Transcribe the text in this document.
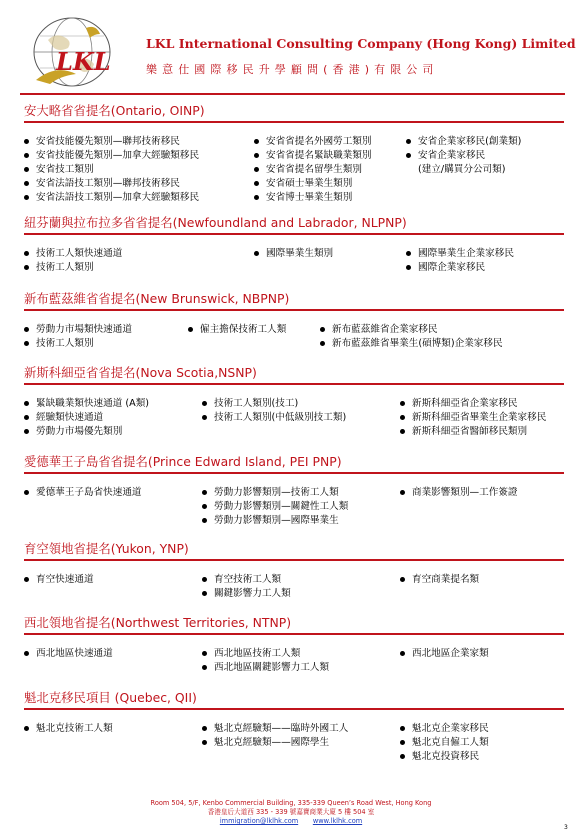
LKL
LKL International Consulting Company (Hong Kong) Limited
樂意仕國際移民升學顧問(香港)有限公司
安大略省省提名(Ontario, OINP)
安省技能優先類別—聯邦技術移民
安省技能優先類別—加拿大經驗類移民
安省技工類別
安省法語技工類別—聯邦技術移民
安省法語技工類別—加拿大經驗類移民
安省省提名外國勞工類別
安省省提名緊缺職業類別
安省省提名留學生類別
安省碩士畢業生類別
安省博士畢業生類別
安省企業家移民(創業類)
安省企業家移民
(建立/購買分公司類)
紐芬蘭與拉布拉多省省提名(Newfoundland and Labrador, NLPNP)
技術工人類快速通道
技術工人類別
國際畢業生類別	國際畢業生企業家移民
國際企業家移民
新布藍茲維省省提名(New Brunswick, NBPNP)
勞動力市場類快速通道
技術工人類別
僱主擔保技術工人類	新布藍茲維省企業家移民
新布藍茲維省畢業生(碩博類)企業家移民
新斯科細亞省省提名(Nova Scotia,NSNP)
緊缺職業類快速通道 (A類)
經驗類快速通道
勞動力市場優先類別
技術工人類別(技工)
技術工人類別(中低級別技工類)
新斯科細亞省企業家移民
新斯科細亞省畢業生企業家移民
新斯科細亞省醫師移民類別
愛德華王子島省省提名(Prince Edward Island, PEI PNP)
愛德華王子島省快速通道	勞動力影響類別—技術工人類
勞動力影響類別—關鍵性工人類
勞動力影響類別—國際畢業生
商業影響類別—工作簽證
育空領地省提名(Yukon, YNP)
育空快速通道	育空技術工人類
關鍵影響力工人類
育空商業提名類
西北領地省提名(Northwest Territories, NTNP)
西北地區快速通道	西北地區技術工人類
西北地區關鍵影響力工人類
西北地區企業家類
魁北克移民項目 (Quebec, QII)
魁北克技術工人類	魁北克經驗類——臨時外國工人
魁北克經驗類——國際學生
魁北克企業家移民
魁北克自僱工人類
魁北克投資移民
Room 504, 5/F, Kenbo Commercial Building, 335-339 Queen’s Road West, Hong Kong
香港皇后大道西 335 - 339 號嘉寶商業大廈 5 樓 504 室
immigration@lklhk.com www.lklhk.com
3
